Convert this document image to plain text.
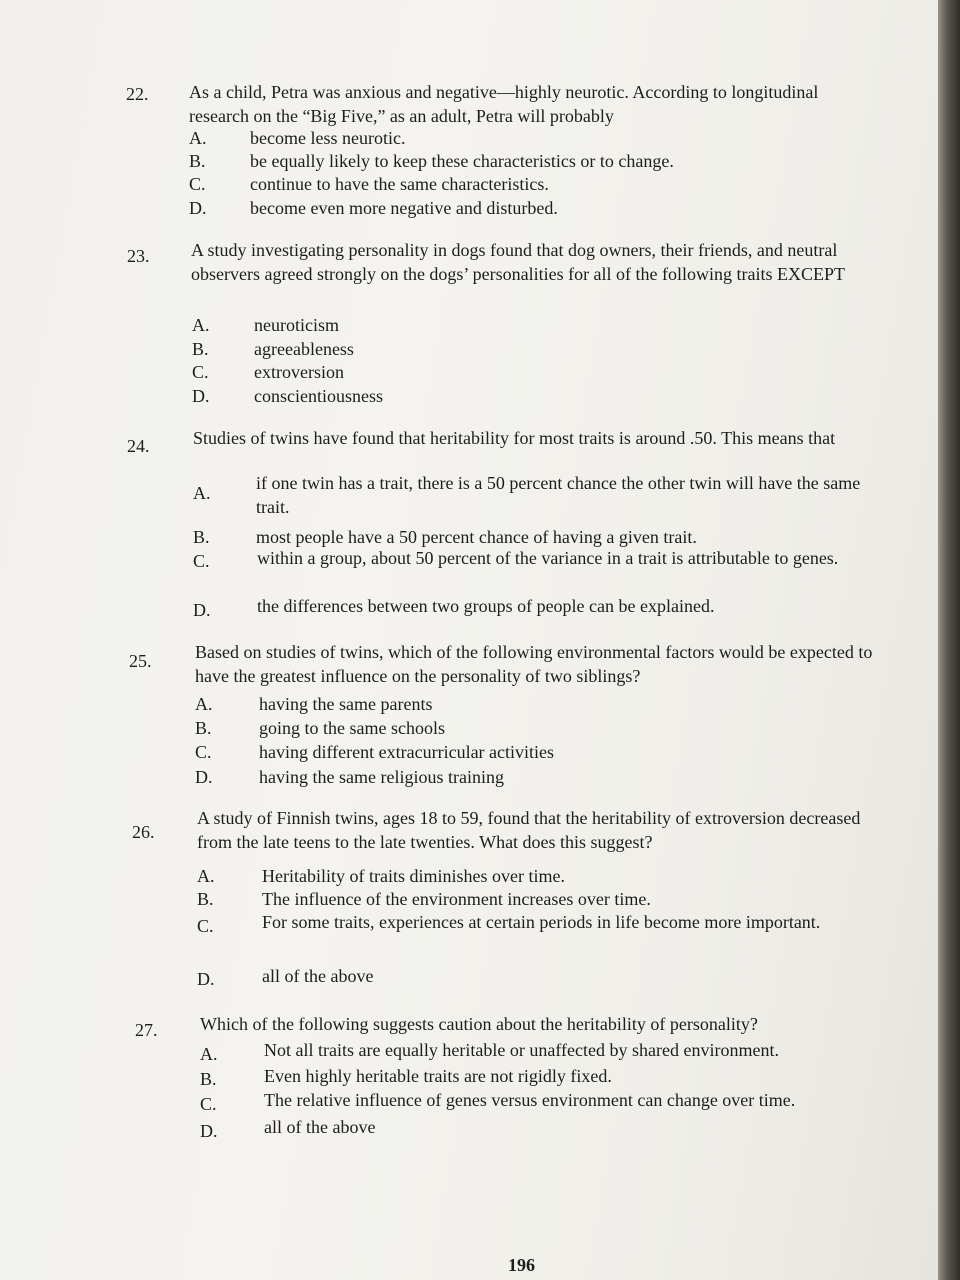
22. As a child, Petra was anxious and negative—highly neurotic. According to longitudinal research on the “Big Five,” as an adult, Petra will probably
A. become less neurotic.
B. be equally likely to keep these characteristics or to change.
C. continue to have the same characteristics.
D. become even more negative and disturbed.
23. A study investigating personality in dogs found that dog owners, their friends, and neutral observers agreed strongly on the dogs’ personalities for all of the following traits EXCEPT
A. neuroticism
B.	agreeableness
C.	extroversion
D. conscientiousness
24. Studies of twins have found that heritability for most traits is around .50. This means that
A.	if one twin has a trait, there is a 50 percent chance the other twin will have the same trait.
B.	most people have a 50 percent chance of having a given trait.
C.	within a group, about 50 percent of the variance in a trait is attributable to genes.
D.	the differences between two groups of people can be explained.
25. Based on studies of twins, which of the following environmental factors would be expected to have the greatest influence on the personality of two siblings?
A.	having the same parents
B.	going to the same schools
C.	having different extracurricular activities
D.	having the same religious training
26.
A study of Finnish twins, ages 18 to 59, found that the heritability of extroversion decreased from the late teens to the late twenties. What does this suggest?
A.	Heritability of traits diminishes over time.
B.	The influence of the environment increases over time.
C.	For some traits, experiences at certain periods in life become more important.
D.	all of the above
27. Which of the following suggests caution about the heritability of personality?
A.	Not all traits are equally heritable or unaffected by shared environment.
B.	Even highly heritable traits are not rigidly fixed.
C.	The relative influence of genes versus environment can change over time.
D.	all of the above
196
